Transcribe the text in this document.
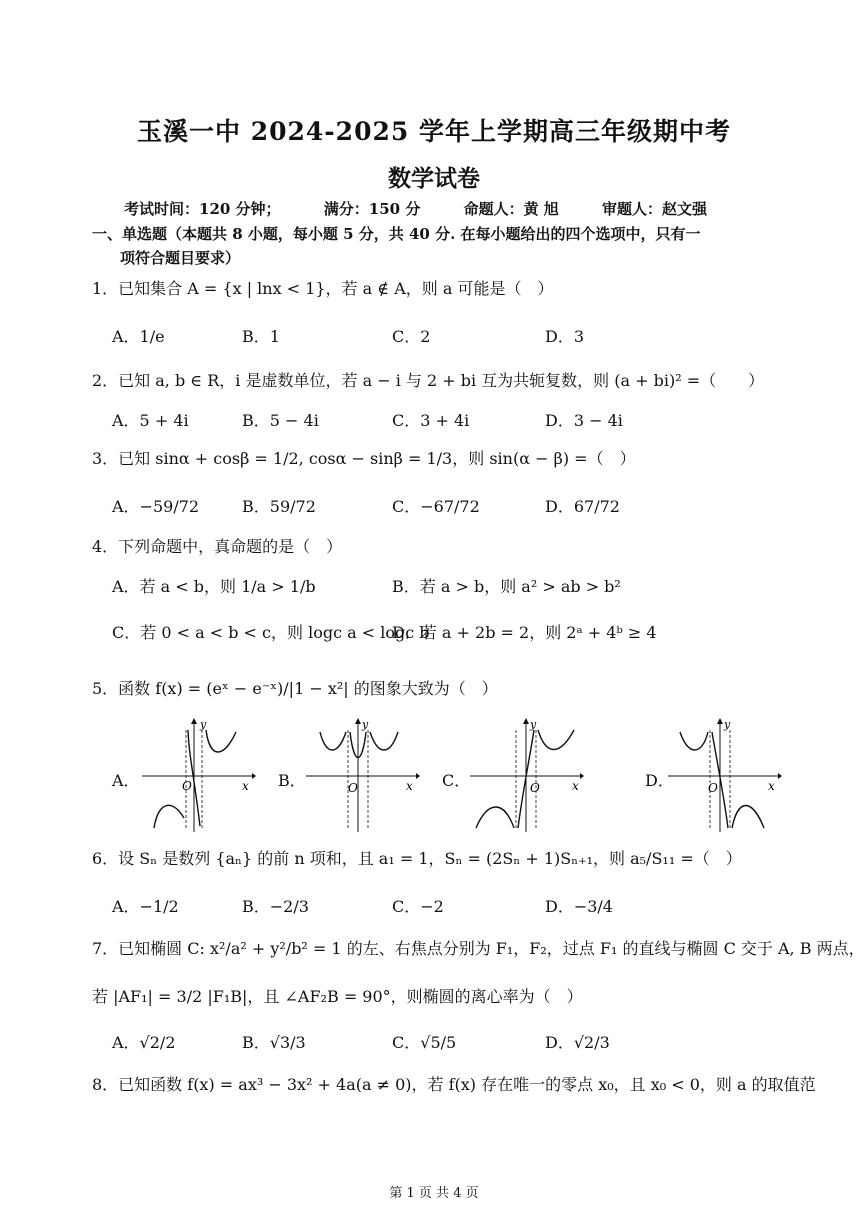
玉溪一中 2024-2025 学年上学期高三年级期中考
数学试卷
考试时间：120 分钟；	满分：150 分	命题人：黄 旭	审题人：赵文强
一、单选题（本题共 8 小题，每小题 5 分，共 40 分. 在每小题给出的四个选项中，只有一
项符合题目要求）
1．已知集合 A = {x | lnx < 1}，若 a ∉ A，则 a 可能是（　）
A．1/e	B．1	C．2	D．3
2．已知 a, b ∈ R，i 是虚数单位，若 a − i 与 2 + bi 互为共轭复数，则 (a + bi)² =（　　）
A．5 + 4i	B．5 − 4i	C．3 + 4i	D．3 − 4i
3．已知 sinα + cosβ = 1/2, cosα − sinβ = 1/3，则 sin(α − β) =（　）
A．−59/72	B．59/72	C．−67/72	D．67/72
4．下列命题中，真命题的是（　）
A．若 a < b，则 1/a > 1/b	B．若 a > b，则 a² > ab > b²
C．若 0 < a < b < c，则 logc a < logc b
D．若 a + 2b = 2，则 2ᵃ + 4ᵇ ≥ 4
5．函数 f(x) = (eˣ − e⁻ˣ)/|1 − x²| 的图象大致为（　）
A．
y
x
O	B．
y
x
O	C．
y
x
O	D．
y
x
O
6．设 Sₙ 是数列 {aₙ} 的前 n 项和，且 a₁ = 1，Sₙ = (2Sₙ + 1)Sₙ₊₁，则 a₅/S₁₁ =（　）
A．−1/2	B．−2/3	C．−2	D．−3/4
7．已知椭圆 C: x²/a² + y²/b² = 1 的左、右焦点分别为 F₁，F₂，过点 F₁ 的直线与椭圆 C 交于 A, B 两点，
若 |AF₁| = 3/2 |F₁B|，且 ∠AF₂B = 90°，则椭圆的离心率为（　）
A．√2/2	B．√3/3	C．√5/5	D．√2/3
8．已知函数 f(x) = ax³ − 3x² + 4a(a ≠ 0)，若 f(x) 存在唯一的零点 x₀，且 x₀ < 0，则 a 的取值范
第 1 页 共 4 页
